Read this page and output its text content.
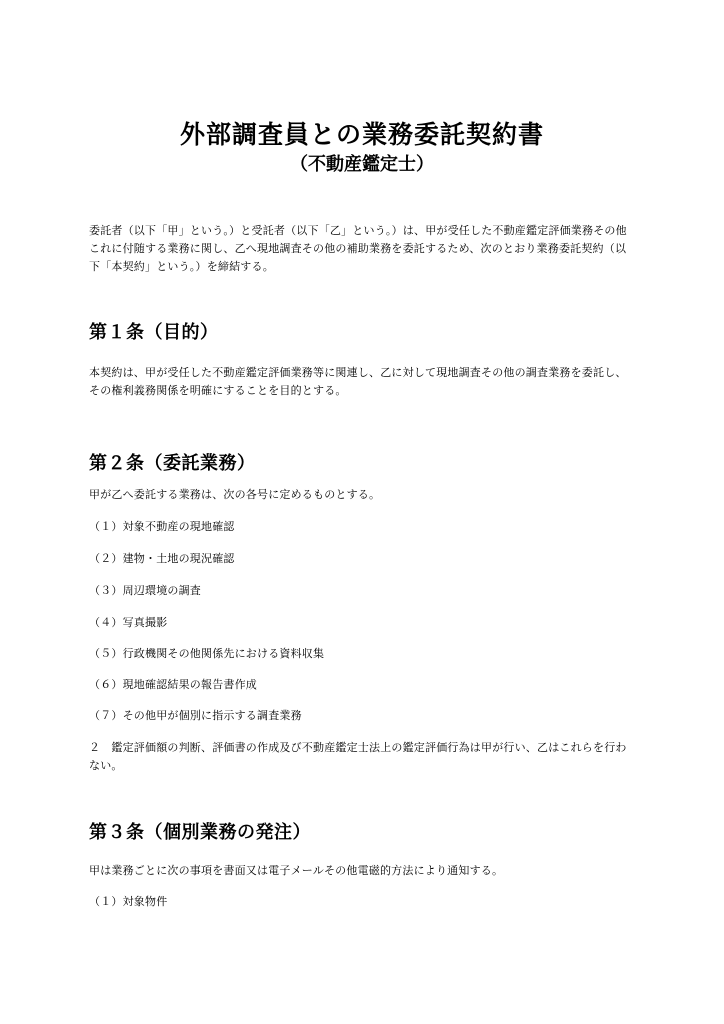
外部調査員との業務委託契約書
（不動産鑑定士）

委託者（以下「甲」という。）と受託者（以下「乙」という。）は、甲が受任した不動産鑑定評価業務その他これに付随する業務に関し、乙へ現地調査その他の補助業務を委託するため、次のとおり業務委託契約（以下「本契約」という。）を締結する。

第１条（目的）

本契約は、甲が受任した不動産鑑定評価業務等に関連し、乙に対して現地調査その他の調査業務を委託し、その権利義務関係を明確にすることを目的とする。

第２条（委託業務）

甲が乙へ委託する業務は、次の各号に定めるものとする。

（１）対象不動産の現地確認

（２）建物・土地の現況確認

（３）周辺環境の調査

（４）写真撮影

（５）行政機関その他関係先における資料収集

（６）現地確認結果の報告書作成

（７）その他甲が個別に指示する調査業務

２　鑑定評価額の判断、評価書の作成及び不動産鑑定士法上の鑑定評価行為は甲が行い、乙はこれらを行わない。

第３条（個別業務の発注）

甲は業務ごとに次の事項を書面又は電子メールその他電磁的方法により通知する。

（１）対象物件
